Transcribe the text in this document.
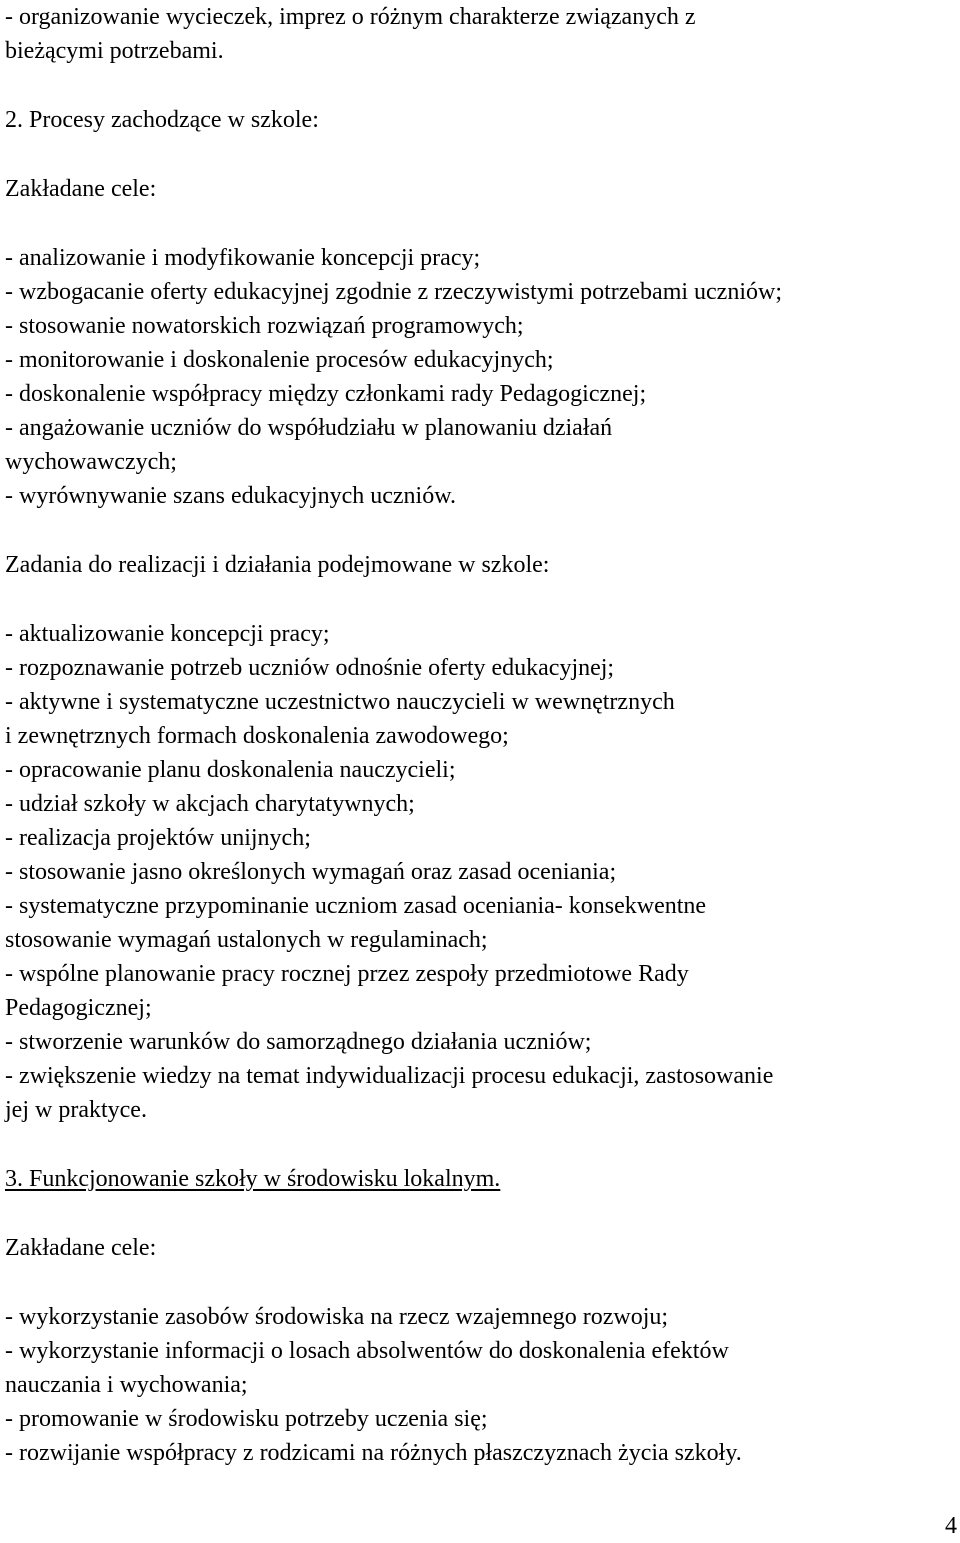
- organizowanie wycieczek, imprez o różnym charakterze związanych z
bieżącymi potrzebami.
2. Procesy zachodzące w szkole:
Zakładane cele:
- analizowanie i modyfikowanie koncepcji pracy;
- wzbogacanie oferty edukacyjnej zgodnie z rzeczywistymi potrzebami uczniów;
- stosowanie nowatorskich rozwiązań programowych;
- monitorowanie i doskonalenie procesów edukacyjnych;
- doskonalenie współpracy między członkami rady Pedagogicznej;
- angażowanie uczniów do współudziału w planowaniu działań
wychowawczych;
- wyrównywanie szans edukacyjnych uczniów.
Zadania do realizacji i działania podejmowane w szkole:
- aktualizowanie koncepcji pracy;
- rozpoznawanie potrzeb uczniów odnośnie oferty edukacyjnej;
- aktywne i systematyczne uczestnictwo nauczycieli w wewnętrznych
i zewnętrznych formach doskonalenia zawodowego;
- opracowanie planu doskonalenia nauczycieli;
- udział szkoły w akcjach charytatywnych;
- realizacja projektów unijnych;
- stosowanie jasno określonych wymagań oraz zasad oceniania;
- systematyczne przypominanie uczniom zasad oceniania- konsekwentne
stosowanie wymagań ustalonych w regulaminach;
- wspólne planowanie pracy rocznej przez zespoły przedmiotowe Rady
Pedagogicznej;
- stworzenie warunków do samorządnego działania uczniów;
- zwiększenie wiedzy na temat indywidualizacji procesu edukacji, zastosowanie
jej w praktyce.
3. Funkcjonowanie szkoły w środowisku lokalnym.
Zakładane cele:
- wykorzystanie zasobów środowiska na rzecz wzajemnego rozwoju;
- wykorzystanie informacji o losach absolwentów do doskonalenia efektów
nauczania i wychowania;
- promowanie w środowisku potrzeby uczenia się;
- rozwijanie współpracy z rodzicami na różnych płaszczyznach życia szkoły.
4
